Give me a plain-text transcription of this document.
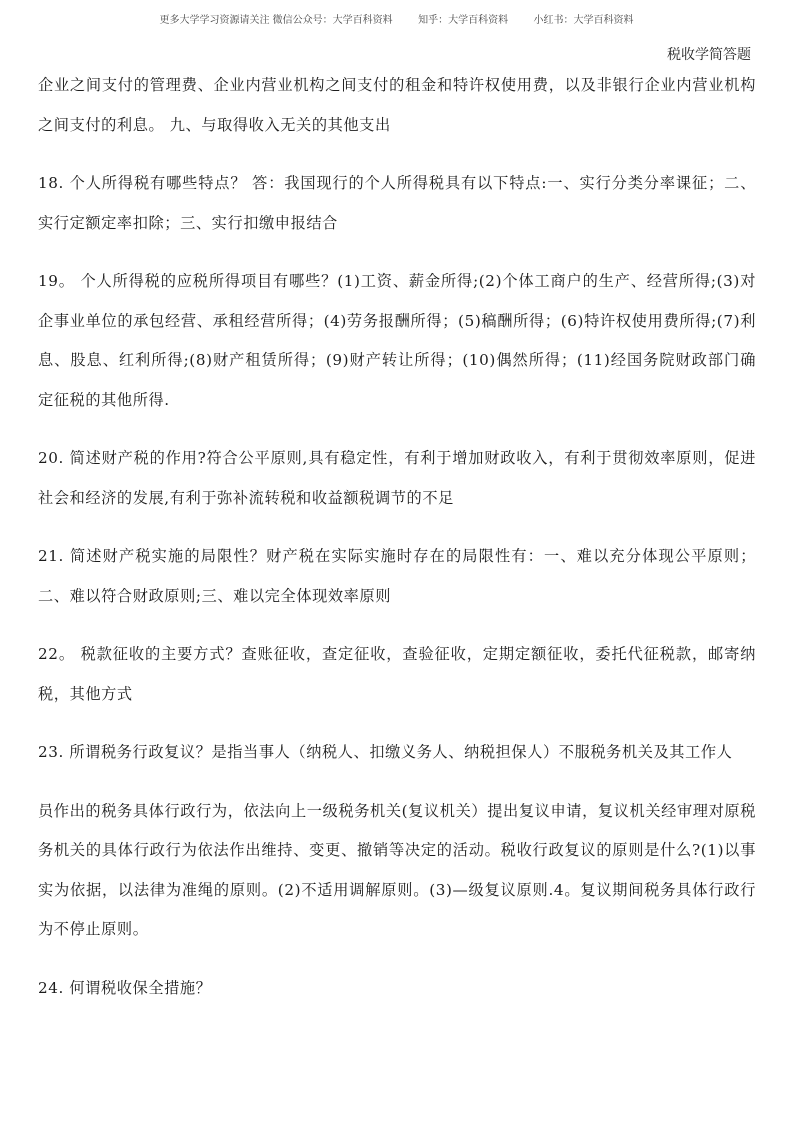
更多大学学习资源请关注 微信公众号：大学百科资料        知乎：大学百科资料        小红书：大学百科资料
税收学简答题

企业之间支付的管理费、企业内营业机构之间支付的租金和特许权使用费，以及非银行企业内营业机构之间支付的利息。 九、与取得收入无关的其他支出

18. 个人所得税有哪些特点？ 答：我国现行的个人所得税具有以下特点:一、实行分类分率课征；二、实行定额定率扣除；三、实行扣缴申报结合

19。 个人所得税的应税所得项目有哪些？(1)工资、薪金所得;(2)个体工商户的生产、经营所得;(3)对企事业单位的承包经营、承租经营所得；(4)劳务报酬所得；(5)稿酬所得；(6)特许权使用费所得;(7)利息、股息、红利所得;(8)财产租赁所得；(9)财产转让所得；(10)偶然所得；(11)经国务院财政部门确定征税的其他所得.

20. 简述财产税的作用?符合公平原则,具有稳定性，有利于增加财政收入，有利于贯彻效率原则，促进社会和经济的发展,有利于弥补流转税和收益额税调节的不足

21. 简述财产税实施的局限性？财产税在实际实施时存在的局限性有：一、难以充分体现公平原则；二、难以符合财政原则;三、难以完全体现效率原则

22。 税款征收的主要方式？查账征收，查定征收，查验征收，定期定额征收，委托代征税款，邮寄纳税，其他方式

23. 所谓税务行政复议？是指当事人（纳税人、扣缴义务人、纳税担保人）不服税务机关及其工作人

员作出的税务具体行政行为，依法向上一级税务机关(复议机关）提出复议申请，复议机关经审理对原税务机关的具体行政行为依法作出维持、变更、撤销等决定的活动。税收行政复议的原则是什么?(1)以事实为依据，以法律为准绳的原则。(2)不适用调解原则。(3)—级复议原则.4。复议期间税务具体行政行为不停止原则。

24. 何谓税收保全措施？
